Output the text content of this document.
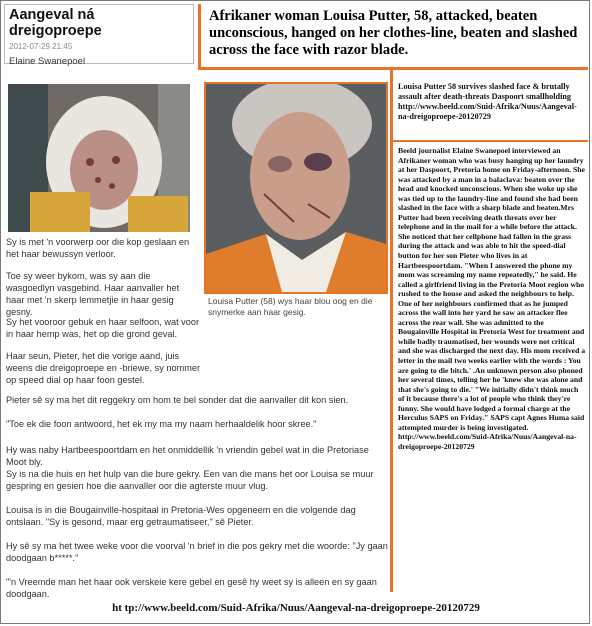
Aangeval ná dreigoproepe
2012-07-29 21:45
Elaine Swanepoel
Afrikaner woman Louisa Putter, 58, attacked, beaten unconscious, hanged on her clothes-line, beaten and slashed across the face with razor blade.
Louisa Putter (58) wys haar blou oog en die snymerke aan haar gesig.
Sy is met 'n voorwerp oor die kop geslaan en het haar bewussyn verloor.
Toe sy weer bykom, was sy aan die wasgoedlyn vasgebind. Haar aanvaller het haar met 'n skerp lemmetjie in haar gesig gesny.
Sy het vooroor gebuk en haar selfoon, wat voor in haar hemp was, het op die grond geval.
Haar seun, Pieter, het die vorige aand, juis weens die dreigoproepe en -briewe, sy nommer op speed dial op haar foon gestel.
Pieter sê sy ma het dit reggekry om hom te bel sonder dat die aanvaller dit kon sien.
"Toe ek die foon antwoord, het ek my ma my naam herhaaldelik hoor skree."
Hy was naby Hartbeespoortdam en het onmiddellik 'n vriendin gebel wat in die Pretoriase Moot bly.
Sy is na die huis en het hulp van die bure gekry. Een van die mans het oor Louisa se muur gespring en gesien hoe die aanvaller oor die agterste muur vlug.
Louisa is in die Bougainville-hospitaal in Pretoria-Wes opgeneem en die volgende dag ontslaan. "Sy is gesond, maar erg getraumatiseer," sê Pieter.
Hy sê sy ma het twee weke voor die voorval 'n brief in die pos gekry met die woorde: "Jy gaan doodgaan b*****."
"'n Vreemde man het haar ook verskeie kere gebel en gesê hy weet sy is alleen en sy gaan doodgaan.
Louisa Putter 58 survives slashed face & brutally assault after death-threats Daspoort smallholding http://www.beeld.com/Suid-Afrika/Nuus/Aangeval-na-dreigoproepe-20120729
Beeld journalist Elaine Swanepoel interviewed an Afrikaner woman who was busy hanging up her laundry at her Daspoort, Pretoria home on Friday-afternoon. She was attacked by a man in a balaclava: beaten over the head and knocked unconscious. When she woke up she was tied up to the laundry-line and found she had been slashed in the face with a sharp blade and beaten.Mrs Putter had been receiving death threats over her telephone and in the mail for a while before the attack. She noticed that her cellphone had fallen in the grass during the attack and was able to hit the speed-dial button for her son Pieter who lives in at Hartbeespoortdam. "When I answered the phone my mom was screaming my name repeatedly," he said. He called a girlfriend living in the Pretoria Moot region who rushed to the house and asked the neighbours to help. One of her neighbours confirmed that as he jumped across the wall into her yard he saw an attacker flee across the rear wall. She was admitted to the Bougainville Hospital in Pretoria West for treatment and while badly traumatised, her wounds were not critical and she was discharged the next day. His mom received a letter in the mail two weeks earlier with the words : You are going to die bitch.' .An unknown person also phoned her several times, telling her he 'knew she was alone and that she's going to die.' "We initially didn't think much of it because there's a lot of people who think they're funny. She would have lodged a formal charge at the Herculus SAPS on Friday." SAPS capt Agnes Huma said attempted murder is being investigated. http://www.beeld.com/Suid-Afrika/Nuus/Aangeval-na-dreigoproepe-20120729
ht tp://www.beeld.com/Suid-Afrika/Nuus/Aangeval-na-dreigoproepe-20120729
